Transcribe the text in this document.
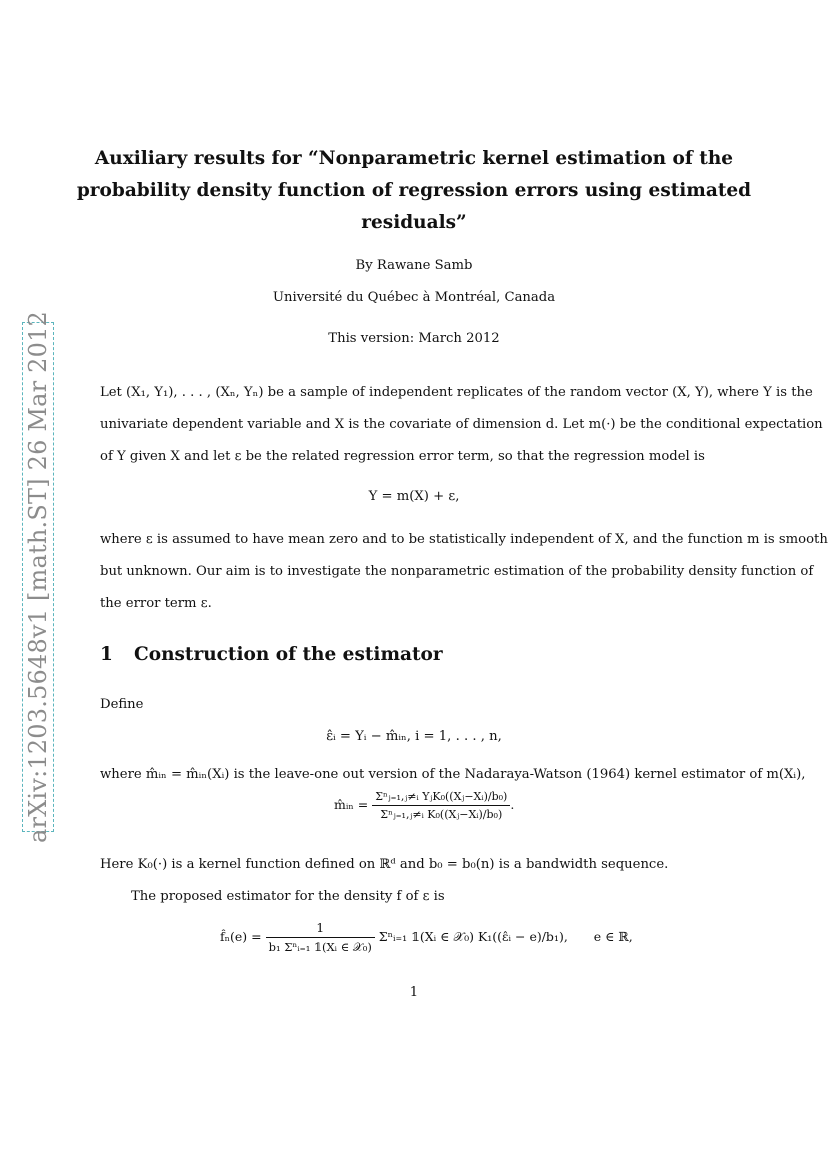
arXiv:1203.5648v1 [math.ST] 26 Mar 2012
Auxiliary results for “Nonparametric kernel estimation of the
probability density function of regression errors using estimated
residuals”
By Rawane Samb
Université du Québec à Montréal, Canada
This version: March 2012
Let (X₁, Y₁), . . . , (Xₙ, Yₙ) be a sample of independent replicates of the random vector (X, Y), where Y is the
univariate dependent variable and X is the covariate of dimension d. Let m(·) be the conditional expectation
of Y given X and let ε be the related regression error term, so that the regression model is
Y = m(X) + ε,
where ε is assumed to have mean zero and to be statistically independent of X, and the function m is smooth
but unknown. Our aim is to investigate the nonparametric estimation of the probability density function of
the error term ε.
1 Construction of the estimator
Define
ε̂ᵢ = Yᵢ − m̂ᵢₙ, i = 1, . . . , n,
where m̂ᵢₙ = m̂ᵢₙ(Xᵢ) is the leave-one out version of the Nadaraya-Watson (1964) kernel estimator of m(Xᵢ),
m̂ᵢₙ = $\frac{\text{Σⁿⱼ₌₁,ⱼ≠ᵢ YⱼK₀((Xⱼ−Xᵢ)/b₀)}}{\text{Σⁿⱼ₌₁,ⱼ≠ᵢ K₀((Xⱼ−Xᵢ)/b₀)}}$ .
Here K₀(·) is a kernel function defined on ℝᵈ and b₀ = b₀(n) is a bandwidth sequence.
The proposed estimator for the density f of ε is
f̂ₙ(e) = $\frac{1}{\text{b₁ Σⁿᵢ₌₁ 𝟙(Xᵢ ∈ 𝒳₀)}}$ Σⁿᵢ₌₁ 𝟙(Xᵢ ∈ 𝒳₀) K₁((ε̂ᵢ − e)/b₁), e ∈ ℝ,
1
